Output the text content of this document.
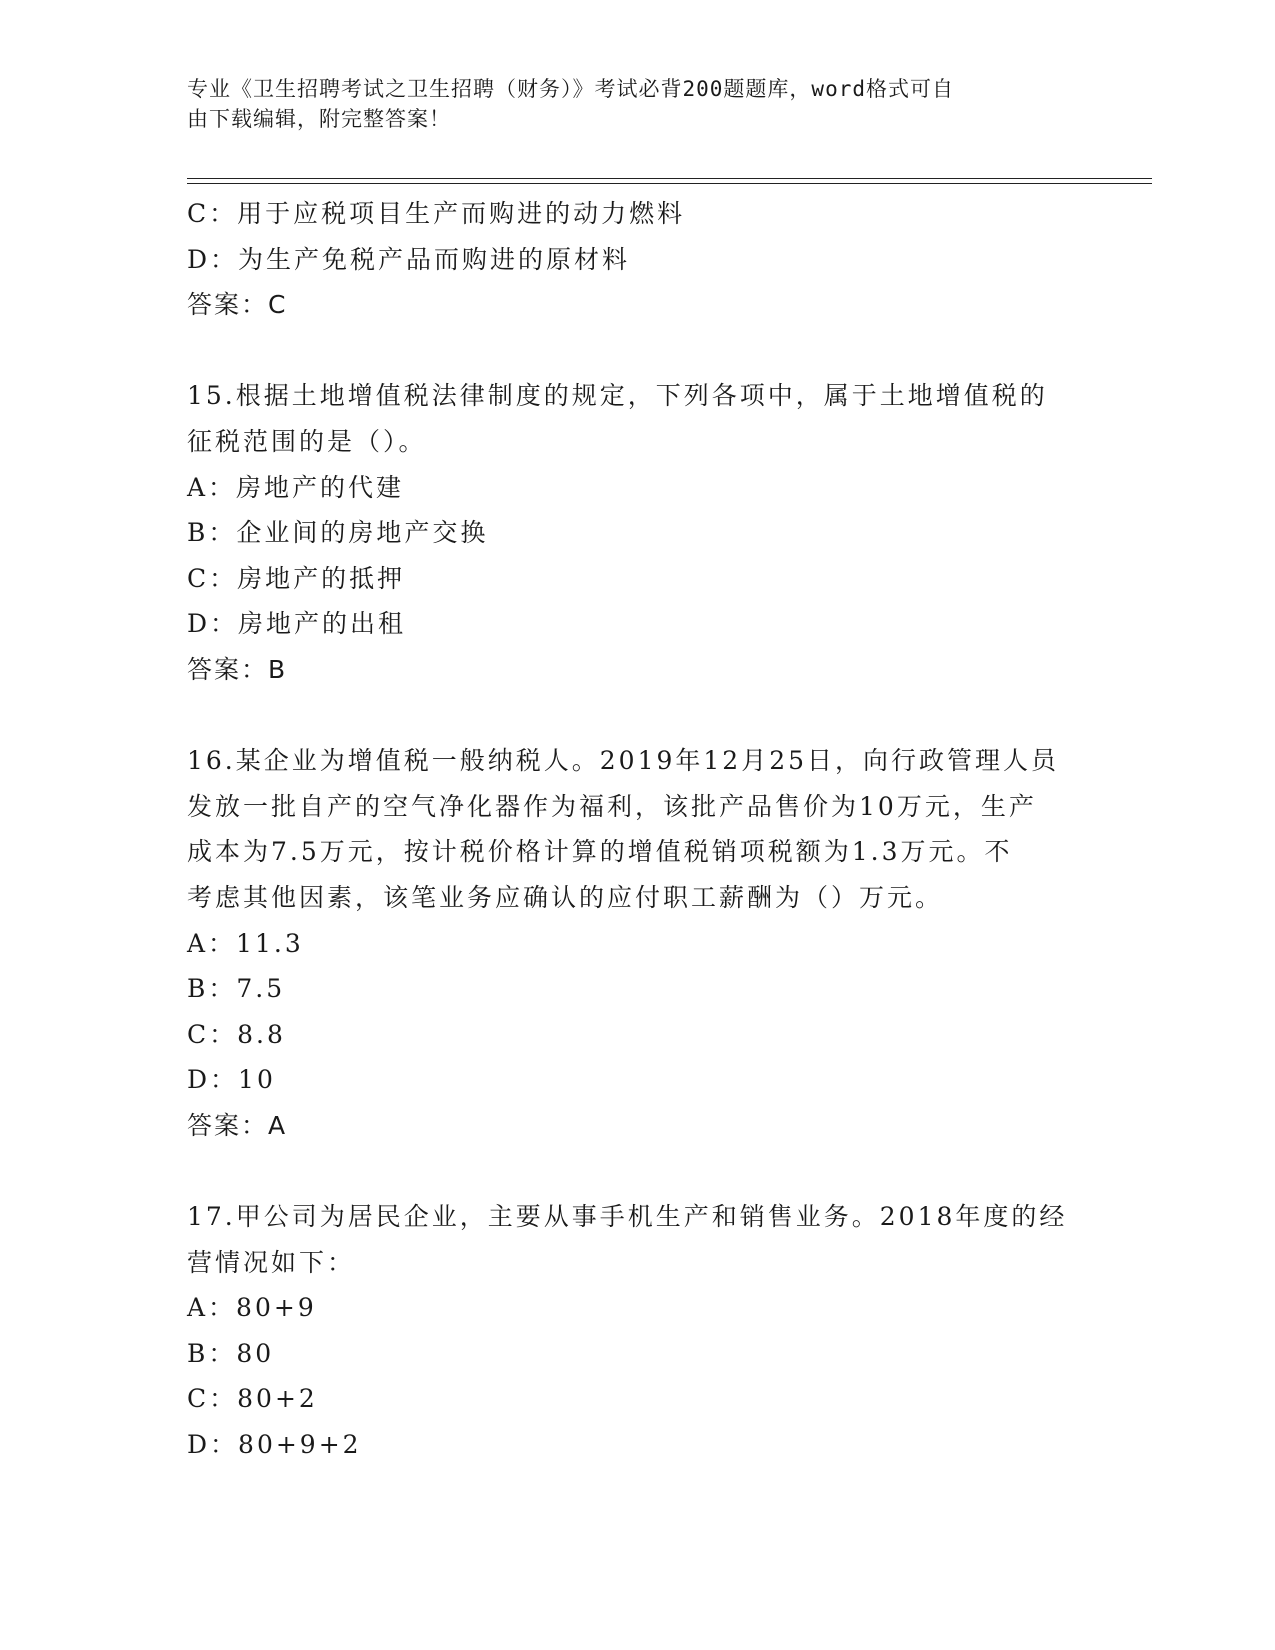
专业《卫生招聘考试之卫生招聘（财务）》考试必背200题题库，word格式可自
由下载编辑，附完整答案！
C：用于应税项目生产而购进的动力燃料
D：为生产免税产品而购进的原材料
答案：C
15.根据土地增值税法律制度的规定，下列各项中，属于土地增值税的
征税范围的是（）。
A：房地产的代建
B：企业间的房地产交换
C：房地产的抵押
D：房地产的出租
答案：B
16.某企业为增值税一般纳税人。2019年12月25日，向行政管理人员
发放一批自产的空气净化器作为福利，该批产品售价为10万元，生产
成本为7.5万元，按计税价格计算的增值税销项税额为1.3万元。不
考虑其他因素，该笔业务应确认的应付职工薪酬为（）万元。
A：11.3
B：7.5
C：8.8
D：10
答案：A
17.甲公司为居民企业，主要从事手机生产和销售业务。2018年度的经
营情况如下：
A：80+9
B：80
C：80+2
D：80+9+2
